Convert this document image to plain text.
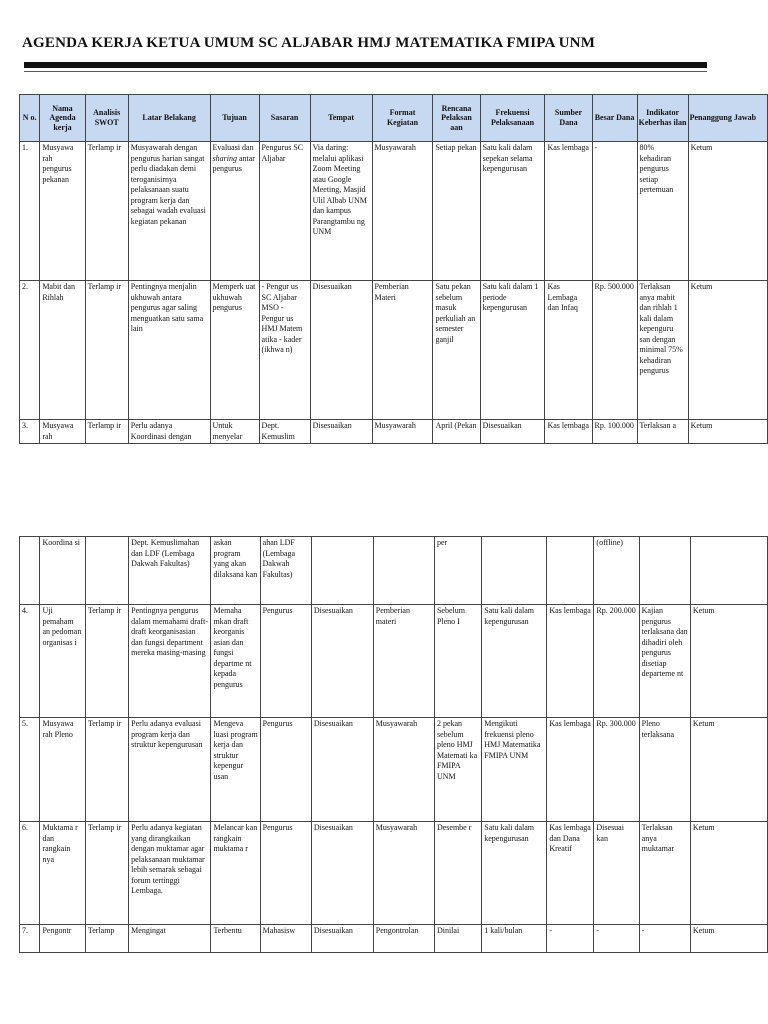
AGENDA KERJA KETUA UMUM SC ALJABAR HMJ MATEMATIKA FMIPA UNM
N o.	Nama Agenda kerja	Analisis SWOT	Latar Belakang	Tujuan	Sasaran	Tempat	Format Kegiatan	Rencana Pelaksan aan	Frekuensi Pelaksanaan	Sumber Dana	Besar Dana	Indikator Keberhas ilan	Penanggung Jawab
1.	Musyawa rah pengurus pekanan	Terlamp ir	Musyawarah dengan pengurus harian sangat perlu diadakan demi teroganisirnya pelaksanaan suatu program kerja dan sebagai wadah evaluasi kegiatan pekanan	Evaluasi dan sharing antar pengurus	Pengurus SC Aljabar	Via daring: melalui aplikasi Zoom Meeting atau Google Meeting, Masjid Ulil Albab UNM dan kampus Parangtambu ng UNM	Musyawarah	Setiap pekan	Satu kali dalam sepekan selama kepengurusan	Kas lembaga	-	80% kehadiran pengurus setiap pertemuan	Ketum
2.	Mabit dan Rihlah	Terlamp ir	Pentingnya menjalin ukhuwah antara pengurus agar saling menguatkan satu sama lain	Memperk uat ukhuwah pengurus	- Pengur us SC Aljabar MSO - Pengur us HMJ Matem atika - kader (ikhwa n)	Disesuaikan	Pemberian Materi	Satu pekan sebelum masuk perkuliah an semester ganjil	Satu kali dalam 1 periode kepengurusan	Kas Lembaga dan Infaq	Rp. 500.000	Terlaksan anya mabit dan rihlah 1 kali dalam kepenguru san dengan minimal 75% kehadiran pengurus	Ketum
3.	Musyawa rah	Terlamp ir	Perlu adanya Koordinasi dengan	Untuk menyelar	Dept. Kemuslim	Disesuaikan	Musyawarah	April (Pekan	Disesuaikan	Kas lembaga	Rp. 100.000	Terlaksan a	Ketum
	Koordina si		Dept. Kemuslimahan dan LDF (Lembaga Dakwah Fakultas)	askan program yang akan dilaksana kan	ahan LDF (Lembaga Dakwah Fakultas)			per			(offline)		
4.	Uji pemaham an pedoman organisas i	Terlamp ir	Pentingnya pengurus dalam memahami draft-draft keorganisasian dan fungsi department mereka masing-masing	Memaha mkan draft keorganis asian dan fungsi departme nt kepada pengurus	Pengurus	Disesuaikan	Pemberian materi	Sebelum Pleno I	Satu kali dalam kepengurusan	Kas lembaga	Rp. 200.000	Kajian pengurus terlaksana dan dihadiri oleh pengurus disetiap departeme nt	Ketum
5.	Musyawa rah Pleno	Terlamp ir	Perlu adanya evaluasi program kerja dan struktur kepengurusan	Mengeva luasi program kerja dan struktur kepengur usan	Pengurus	Disesuaikan	Musyawarah	2 pekan sebelum pleno HMJ Matemati ka FMIPA UNM	Mengikuti frekuensi pleno HMJ Matematika FMIPA UNM	Kas lembaga	Rp. 300.000	Pleno terlaksana	Ketum
6.	Muktama r dan rangkain nya	Terlamp ir	Perlu adanya kegiatan yang dirangkaikan dengan muktamar agar pelaksanaan muktamar lebih semarak sebagai forum tertinggi Lembaga.	Melancar kan rangkain muktama r	Pengurus	Disesuaikan	Musyawarah	Desembe r	Satu kali dalam kepengurusan	Kas lembaga dan Dana Kreatif	Disesuai kan	Terlaksan anya muktamar	Ketum
7.	Pengontr	Terlamp	Mengingat	Terbentu	Mahasisw	Disesuaikan	Pengontrolan	Dinilai	1 kali/bulan	-	-	-	Ketum
